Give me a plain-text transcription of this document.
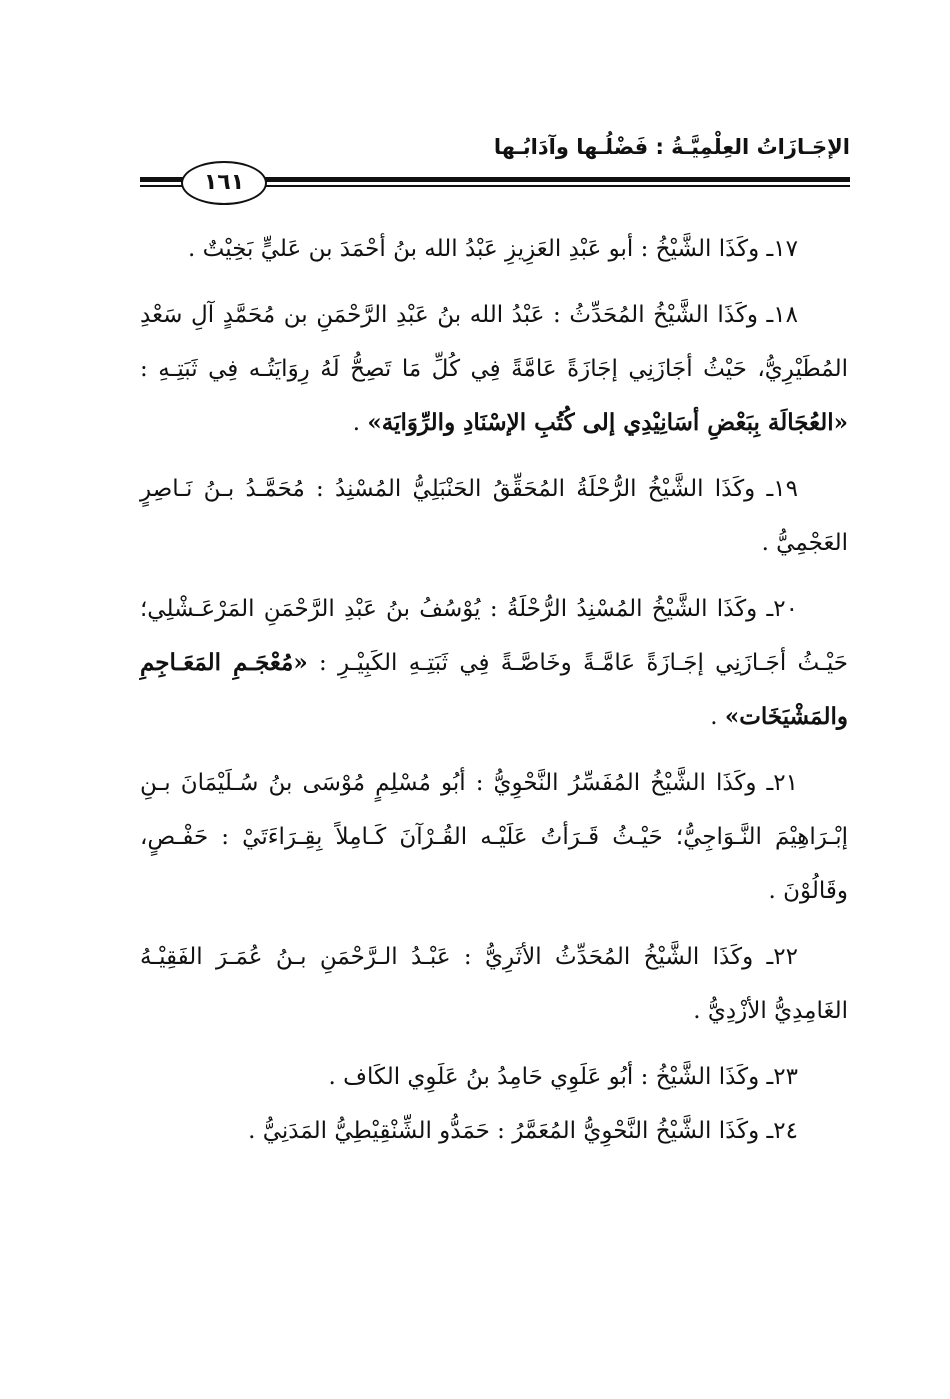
الإجَـازَاتُ العِلْمِيَّـةُ : فَضْلُـها وآدَابُـها
١٦١

١٧ـ وكَذَا الشَّيْخُ : أبو عَبْدِ العَزِيزِ عَبْدُ الله بنُ أحْمَدَ بن عَليٍّ بَخِيْتٌ .

١٨ـ وكَذَا الشَّيْخُ المُحَدِّثُ : عَبْدُ الله بنُ عَبْدِ الرَّحْمَنِ بن مُحَمَّدٍ آلِ سَعْدِ المُطَيْرِيُّ، حَيْثُ أجَازَنِي إجَازَةً عَامَّةً فِي كُلِّ مَا تَصِحُّ لَهُ رِوَايَتُـه فِي ثَبَتِـهِ : «العُجَالَة بِبَعْضِ أسَانِيْدِي إلى كُتُبِ الإسْنَادِ والرِّوَايَة» .

١٩ـ وكَذَا الشَّيْخُ الرُّحْلَةُ المُحَقِّقُ الحَنْبَلِيُّ المُسْنِدُ : مُحَمَّـدُ بـنُ نَـاصِرٍ العَجْمِيُّ .

٢٠ـ وكَذَا الشَّيْخُ المُسْنِدُ الرُّحْلَةُ : يُوْسُفُ بنُ عَبْدِ الرَّحْمَنِ المَرْعَـشْلِي؛ حَيْـثُ أجَـازَنِي إجَـازَةً عَامَّـةً وخَاصَّـةً فِي ثَبَتِـهِ الكَبِيْـرِ : «مُعْجَـمِ المَعَـاجِمِ والمَشْيَخَات» .

٢١ـ وكَذَا الشَّيْخُ المُفَسِّرُ النَّحْوِيُّ : أبُو مُسْلِمٍ مُوْسَى بنُ سُـلَيْمَانَ بـنِ إبْـرَاهِيْمَ النَّـوَاجِيُّ؛ حَيْـثُ قَـرَأتُ عَلَيْـه القُـرْآنَ كَـامِلاً بِقِـرَاءَتَيْ : حَفْـصٍ، وقَالُوْنَ .

٢٢ـ وكَذَا الشَّيْخُ المُحَدِّثُ الأثَرِيُّ : عَبْـدُ الـرَّحْمَنِ بـنُ عُمَـرَ الفَقِيْـهُ الغَامِدِيُّ الأزْدِيُّ .

٢٣ـ وكَذَا الشَّيْخُ : أبُو عَلَوِي حَامِدُ بنُ عَلَوِي الكَاف .

٢٤ـ وكَذَا الشَّيْخُ النَّحْوِيُّ المُعَمَّرُ : حَمَدُّو الشِّنْقِيْطِيُّ المَدَنِيُّ .
